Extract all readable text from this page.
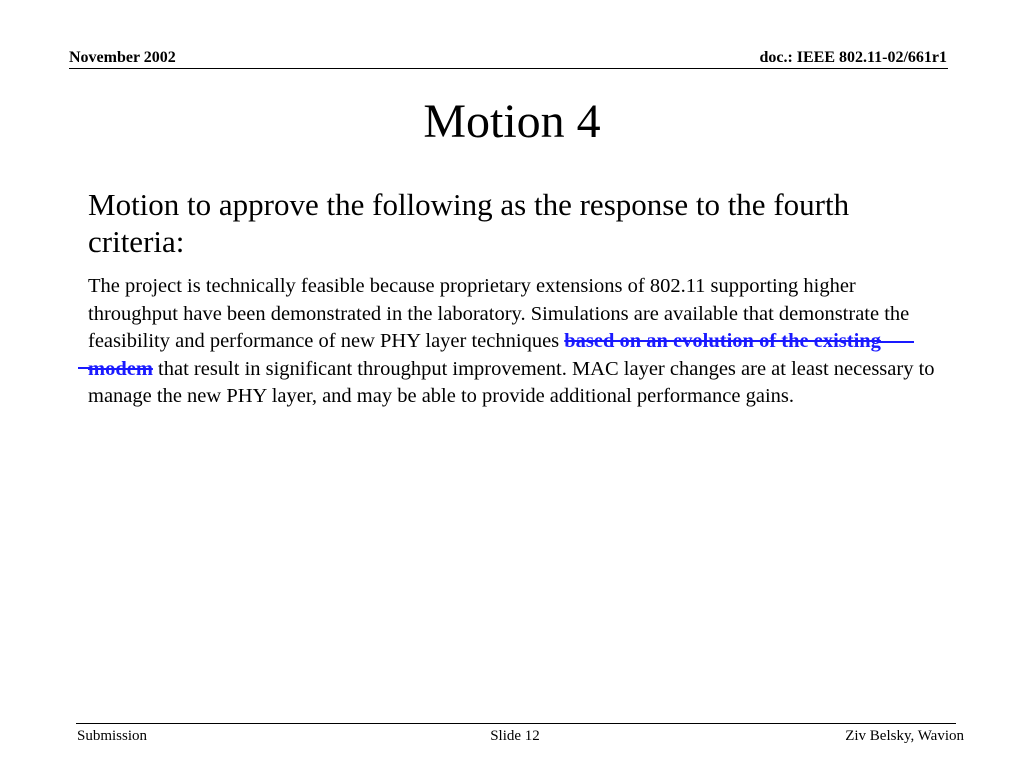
November 2002	doc.: IEEE 802.11-02/661r1
Motion 4
Motion to approve the following as the response to the fourth criteria:
The project is technically feasible because proprietary extensions of 802.11 supporting higher throughput have been demonstrated in the laboratory. Simulations are available that demonstrate the feasibility and performance of new PHY layer techniques based on an evolution of the existing modem that result in significant throughput improvement. MAC layer changes are at least necessary to manage the new PHY layer, and may be able to provide additional performance gains.
Submission	Slide 12	Ziv Belsky, Wavion
